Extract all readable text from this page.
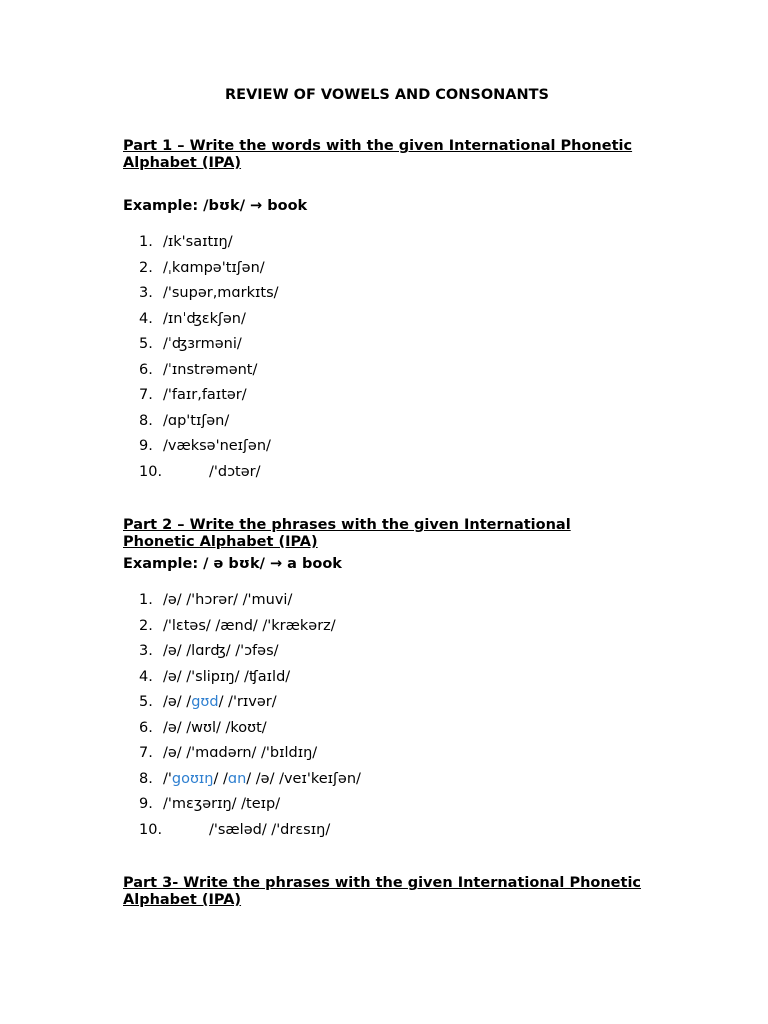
REVIEW OF VOWELS AND CONSONANTS
Part 1 – Write the words with the given International Phonetic Alphabet (IPA)
Example: /bʊk/ → book
1. /ɪk'saɪtɪŋ/
2. /ˌkɑmpə'tɪʃən/
3. /'supər,mɑrkɪts/
4. /ɪnˈʤɛkʃən/
5. /ˈʤɜrməni/
6. /ˈɪnstrəmənt/
7. /'faɪr,faɪtər/
8. /ɑp'tɪʃən/
9. /væksə'neɪʃən/
10.	/'dɔtər/
Part 2 – Write the phrases with the given International Phonetic Alphabet (IPA)
Example: / ə bʊk/ → a book
1. /ə/ /'hɔrər/ /'muvi/
2. /'lɛtəs/ /ænd/ /'krækərz/
3. /ə/ /lɑrʤ/ /'ɔfəs/
4. /ə/ /'slipɪŋ/ /ʧaɪld/
5. /ə/ /gʊd/ /'rɪvər/
6. /ə/ /wʊl/ /koʊt/
7. /ə/ /'mɑdərn/ /'bɪldɪŋ/
8. /'goʊɪŋ/ /ɑn/ /ə/ /veɪ'keɪʃən/
9. /'mɛʒərɪŋ/ /teɪp/
10.	/'sæləd/ /'drɛsɪŋ/
Part 3- Write the phrases with the given International Phonetic Alphabet (IPA)
